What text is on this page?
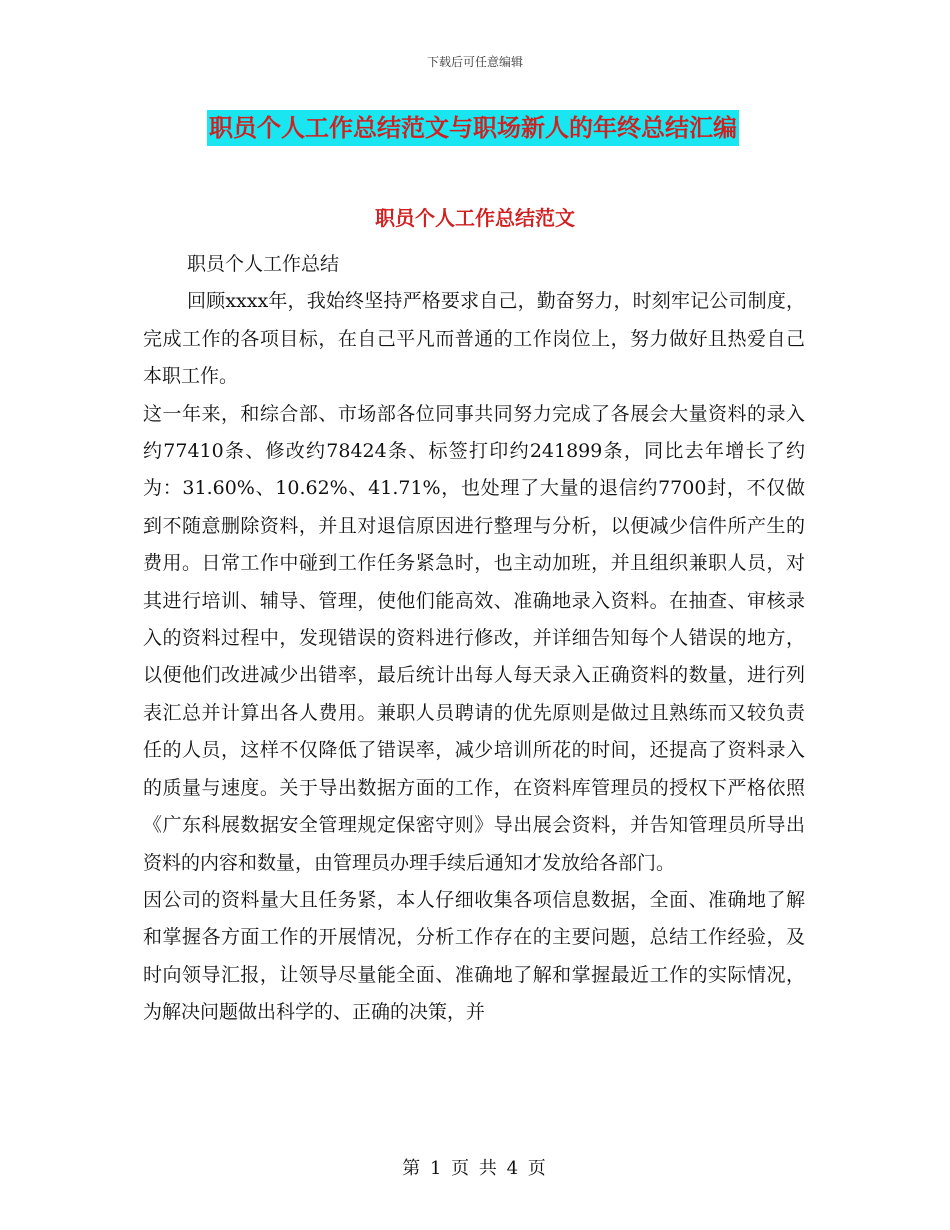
下载后可任意编辑
职员个人工作总结范文与职场新人的年终总结汇编
职员个人工作总结范文

职员个人工作总结

回顾xxxx年，我始终坚持严格要求自己，勤奋努力，时刻牢记公司制度，完成工作的各项目标，在自己平凡而普通的工作岗位上，努力做好且热爱自己本职工作。

这一年来，和综合部、市场部各位同事共同努力完成了各展会大量资料的录入约77410条、修改约78424条、标签打印约241899条，同比去年增长了约为：31.60%、10.62%、41.71%，也处理了大量的退信约7700封，不仅做到不随意删除资料，并且对退信原因进行整理与分析，以便减少信件所产生的费用。日常工作中碰到工作任务紧急时，也主动加班，并且组织兼职人员，对其进行培训、辅导、管理，使他们能高效、准确地录入资料。在抽查、审核录入的资料过程中，发现错误的资料进行修改，并详细告知每个人错误的地方，以便他们改进减少出错率，最后统计出每人每天录入正确资料的数量，进行列表汇总并计算出各人费用。兼职人员聘请的优先原则是做过且熟练而又较负责任的人员，这样不仅降低了错误率，减少培训所花的时间，还提高了资料录入的质量与速度。关于导出数据方面的工作，在资料库管理员的授权下严格依照《广东科展数据安全管理规定保密守则》导出展会资料，并告知管理员所导出资料的内容和数量，由管理员办理手续后通知才发放给各部门。

因公司的资料量大且任务紧，本人仔细收集各项信息数据，全面、准确地了解和掌握各方面工作的开展情况，分析工作存在的主要问题，总结工作经验，及时向领导汇报，让领导尽量能全面、准确地了解和掌握最近工作的实际情况，为解决问题做出科学的、正确的决策，并

第 1 页 共 4 页
